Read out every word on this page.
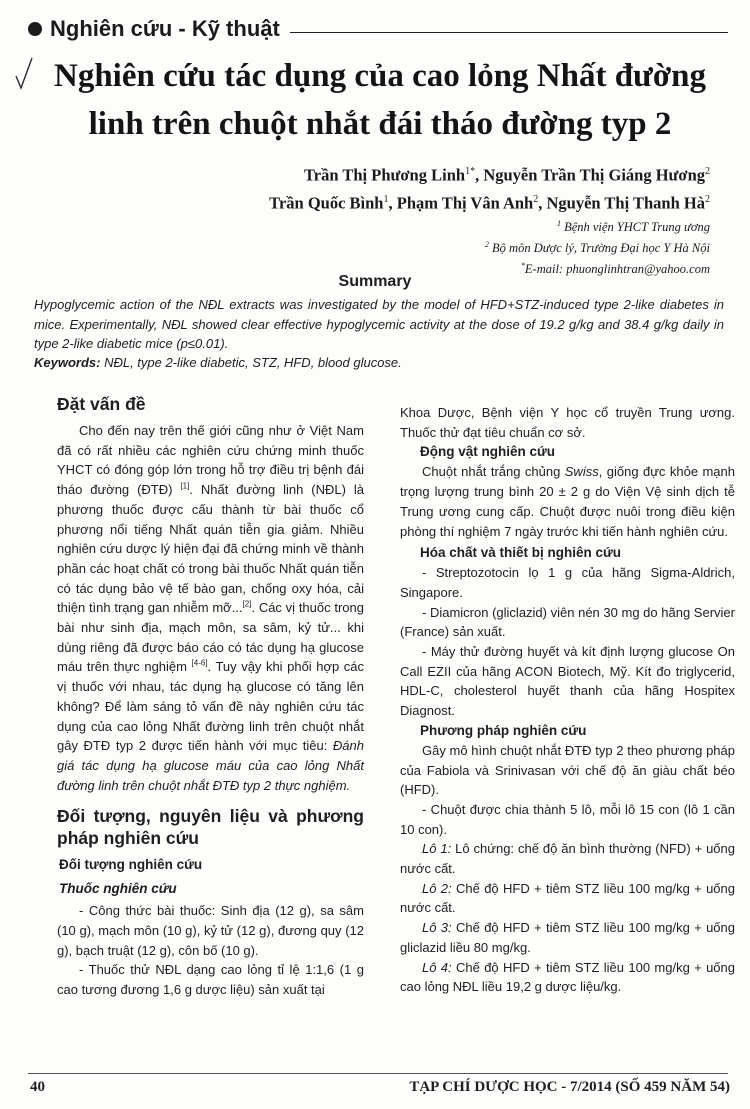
Nghiên cứu - Kỹ thuật
Nghiên cứu tác dụng của cao lỏng Nhất đường linh trên chuột nhắt đái tháo đường typ 2
Trần Thị Phương Linh$^{1*}$, Nguyễn Trần Thị Giáng Hương$^2$
Trần Quốc Bình$^1$, Phạm Thị Vân Anh$^2$, Nguyễn Thị Thanh $Hà^2$
$^1$ Bệnh viện YHCT Trung ương
$^2$ Bộ môn Dược lý, Trường Đại học Y Hà Nội
*E-mail: phuonglinhtran@yahoo.com
Summary
Hypoglycemic action of the NĐL extracts was investigated by the model of HFD+STZ-induced type 2-like diabetes in mice. Experimentally, NĐL showed clear effective hypoglycemic activity at the dose of 19.2 g/kg and 38.4 g/kg daily in type 2-like diabetic mice (p≤0.01).
Keywords: NĐL, type 2-like diabetic, STZ, HFD, blood glucose.
Đặt vấn đề

Cho đến nay trên thế giới cũng như ở Việt Nam đã có rất nhiều các nghiên cứu chứng minh thuốc YHCT có đóng góp lớn trong hỗ trợ điều trị bệnh đái tháo đường (ĐTĐ) [1]. Nhất đường linh (NĐL) là phương thuốc được cấu thành từ bài thuốc cổ phương nổi tiếng Nhất quán tiễn gia giảm. Nhiều nghiên cứu dược lý hiện đại đã chứng minh về thành phần các hoạt chất có trong bài thuốc Nhất quán tiễn có tác dụng bảo vệ tế bào gan, chống oxy hóa, cải thiện tình trạng gan nhiễm mỡ...[2]. Các vị thuốc trong bài như sinh địa, mạch môn, sa sâm, kỷ tử... khi dùng riêng đã được báo cáo có tác dụng hạ glucose máu trên thực nghiệm [4-6]. Tuy vậy khi phối hợp các vị thuốc với nhau, tác dụng hạ glucose có tăng lên không? Để làm sáng tỏ vấn đề này nghiên cứu tác dụng của cao lỏng Nhất đường linh trên chuột nhắt gây ĐTĐ typ 2 được tiến hành với mục tiêu: Đánh giá tác dụng hạ glucose máu của cao lỏng Nhất đường linh trên chuột nhắt ĐTĐ typ 2 thực nghiệm.

Đối tượng, nguyên liệu và phương pháp nghiên cứu
Đối tượng nghiên cứu
Thuốc nghiên cứu

- Công thức bài thuốc: Sinh địa (12 g), sa sâm (10 g), mạch môn (10 g), kỷ tử (12 g), đương quy (12 g), bạch truật (12 g), côn bố (10 g).

- Thuốc thử NĐL dạng cao lỏng tỉ lệ 1:1,6 (1 g cao tương đương 1,6 g dược liệu) sản xuất tại

Khoa Dược, Bệnh viện Y học cổ truyền Trung ương. Thuốc thử đạt tiêu chuẩn cơ sở.

Động vật nghiên cứu

Chuột nhắt trắng chủng Swiss, giống đực khỏe mạnh trọng lượng trung bình 20 ± 2 g do Viện Vệ sinh dịch tễ Trung ương cung cấp. Chuột được nuôi trong điều kiện phòng thí nghiệm 7 ngày trước khi tiến hành nghiên cứu.

Hóa chất và thiết bị nghiên cứu

- Streptozotocin lọ 1 g của hãng Sigma-Aldrich, Singapore.

- Diamicron (gliclazid) viên nén 30 mg do hãng Servier (France) sản xuất.

- Máy thử đường huyết và kít định lượng glucose On Call EZII của hãng ACON Biotech, Mỹ. Kít đo triglycerid, HDL-C, cholesterol huyết thanh của hãng Hospitex Diagnost.

Phương pháp nghiên cứu

Gây mô hình chuột nhắt ĐTĐ typ 2 theo phương pháp của Fabiola và Srinivasan với chế độ ăn giàu chất béo (HFD).

- Chuột được chia thành 5 lô, mỗi lô 15 con (lô 1 cần 10 con).

Lô 1: Lô chứng: chế độ ăn bình thường (NFD) + uống nước cất.

Lô 2: Chế độ HFD + tiêm STZ liều 100 mg/kg + uống nước cất.

Lô 3: Chế độ HFD + tiêm STZ liều 100 mg/kg + uống gliclazid liều 80 mg/kg.

Lô 4: Chế độ HFD + tiêm STZ liều 100 mg/kg + uống cao lỏng NĐL liều 19,2 g dược liệu/kg.

40	TẠP CHÍ DƯỢC HỌC - 7/2014 (SỐ 459 NĂM 54)
